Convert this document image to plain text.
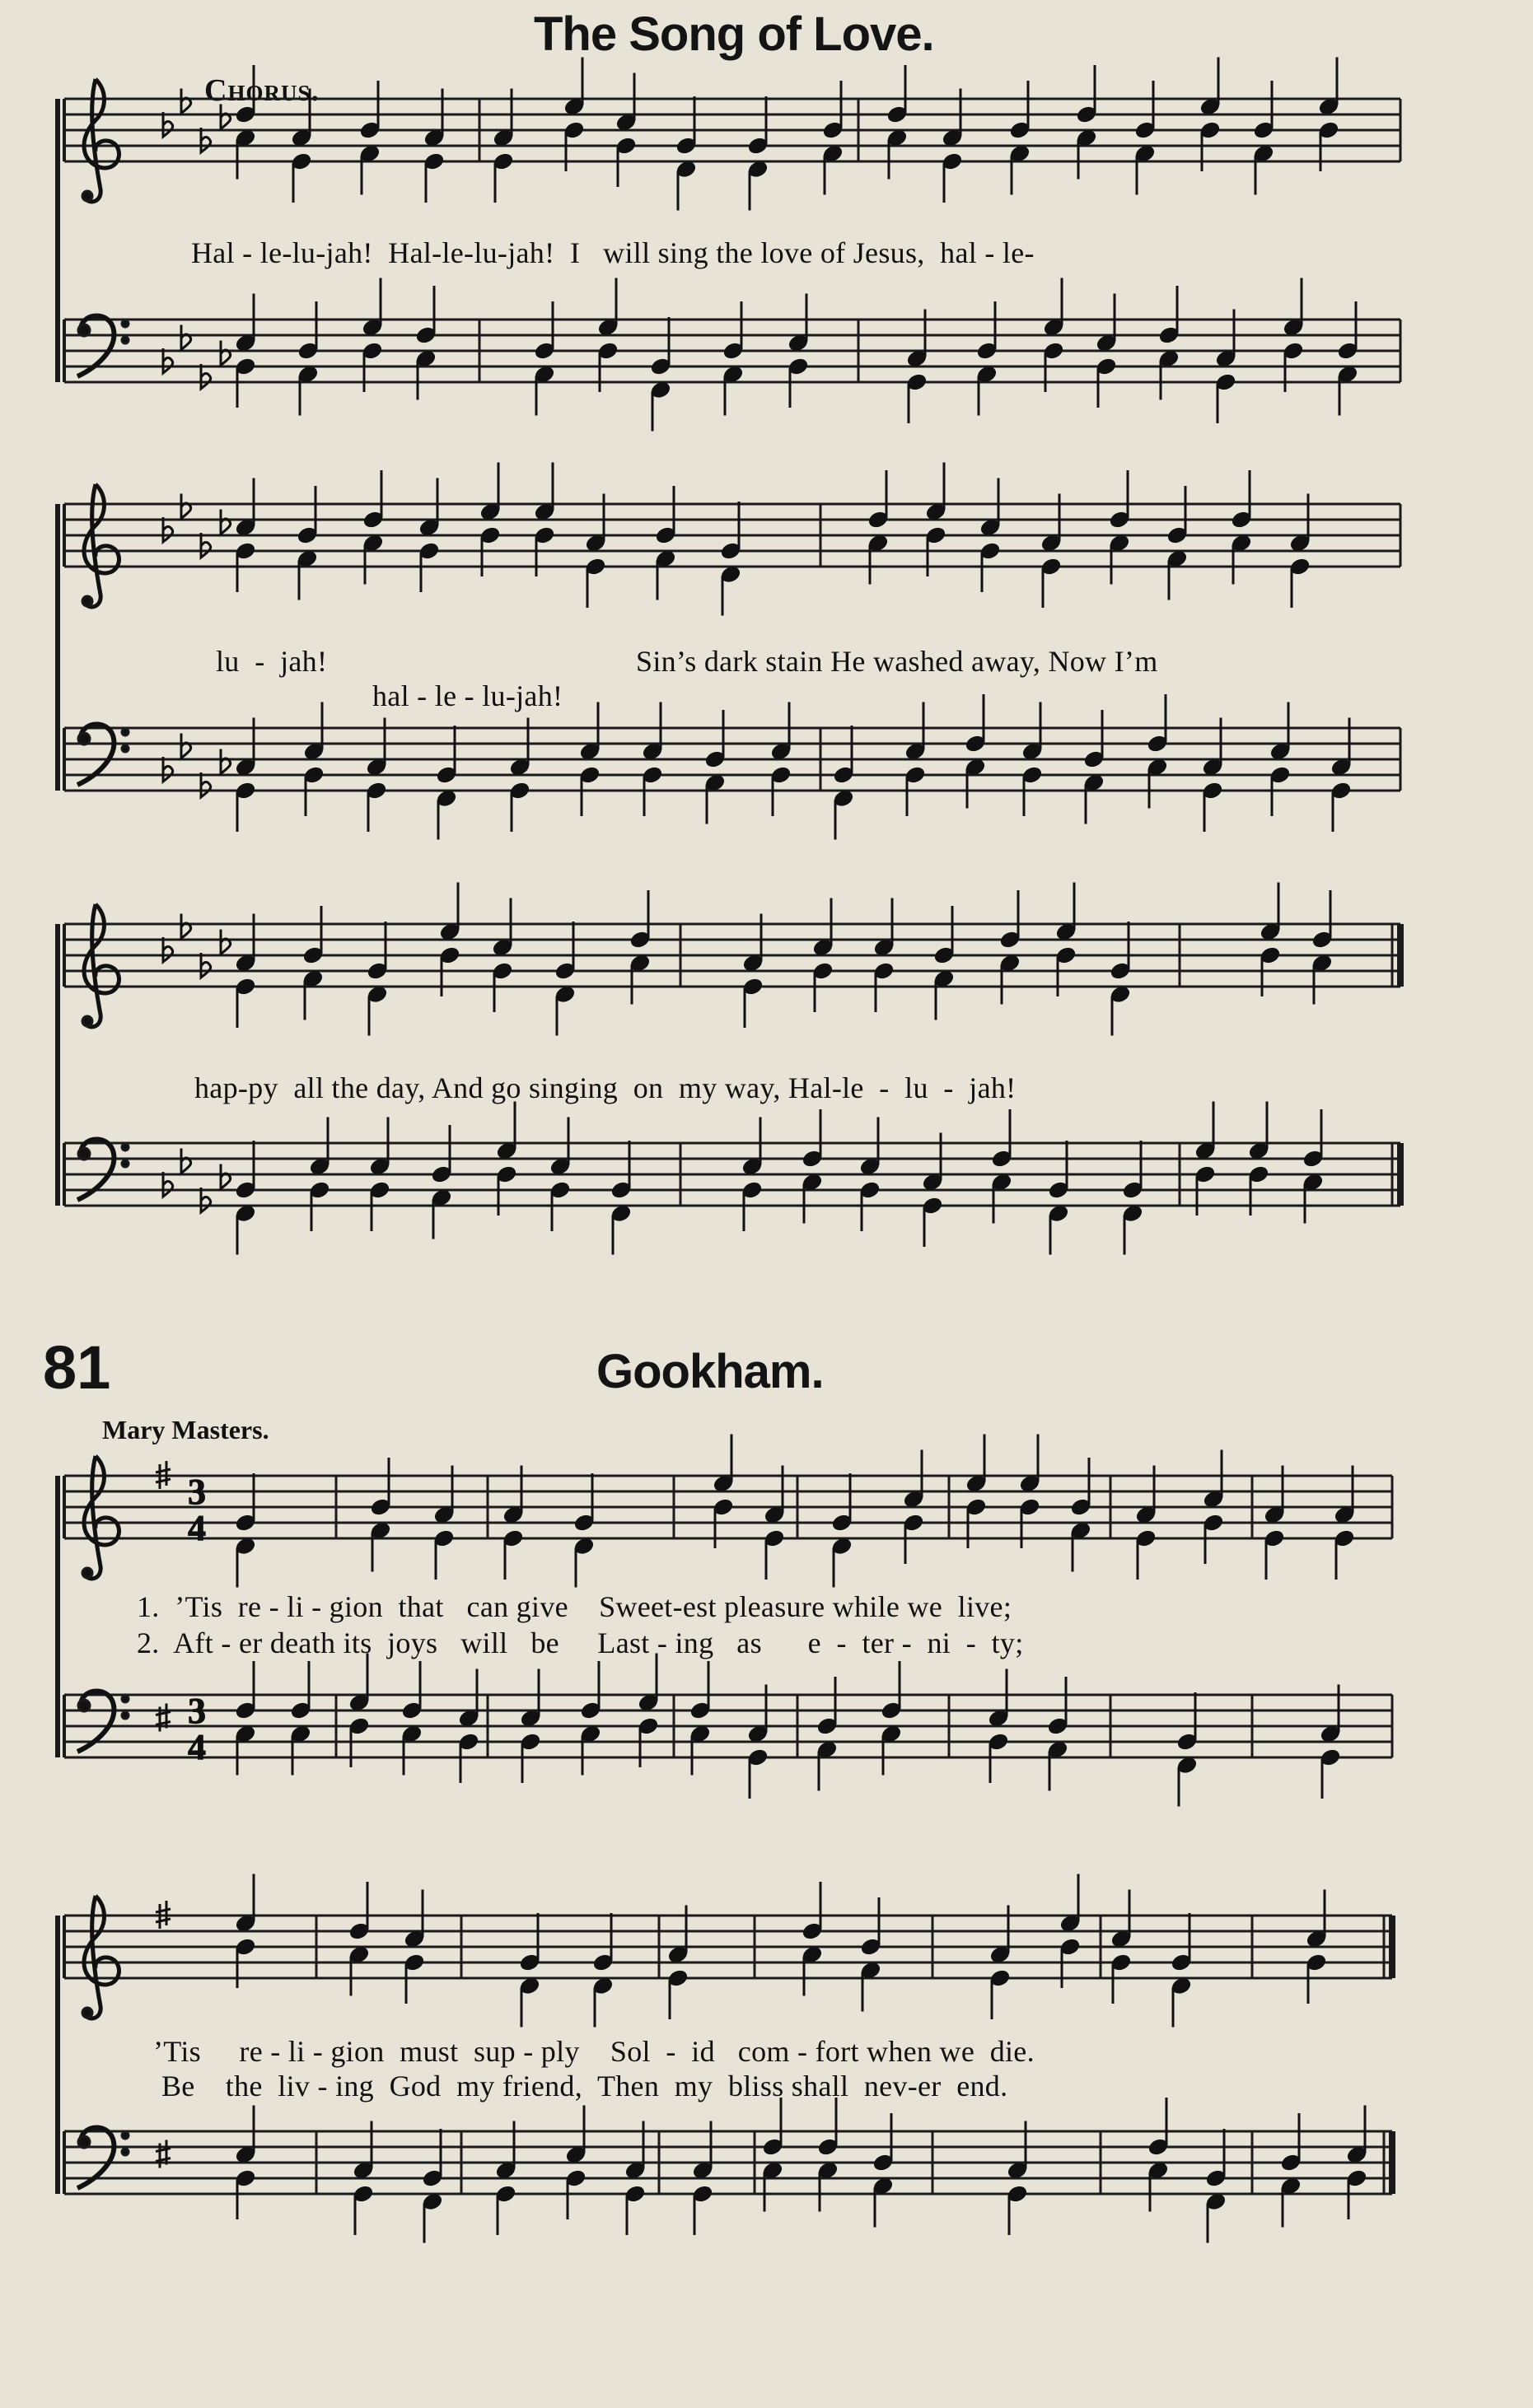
The Song of Love.
Chorus.
Hal - le-lu-jah!  Hal-le-lu-jah!  I   will sing the love of Jesus,  hal - le-
lu  -  jah!	Sin’s dark stain He washed away, Now I’m
hal - le - lu-jah!
hap-py  all the day, And go singing  on  my way, Hal-le  -  lu  -  jah!
81	Gookham.
Mary Masters.
1.  ’Tis  re - li - gion  that   can give    Sweet-est pleasure while we  live;
2.  Aft - er death its  joys   will   be     Last - ing   as      e  -  ter -  ni  -  ty;
’Tis     re - li - gion  must  sup - ply    Sol  -  id   com - fort when we  die.
Be    the  liv - ing  God  my friend,  Then  my  bliss shall  nev-er  end.
3
4
3
4
